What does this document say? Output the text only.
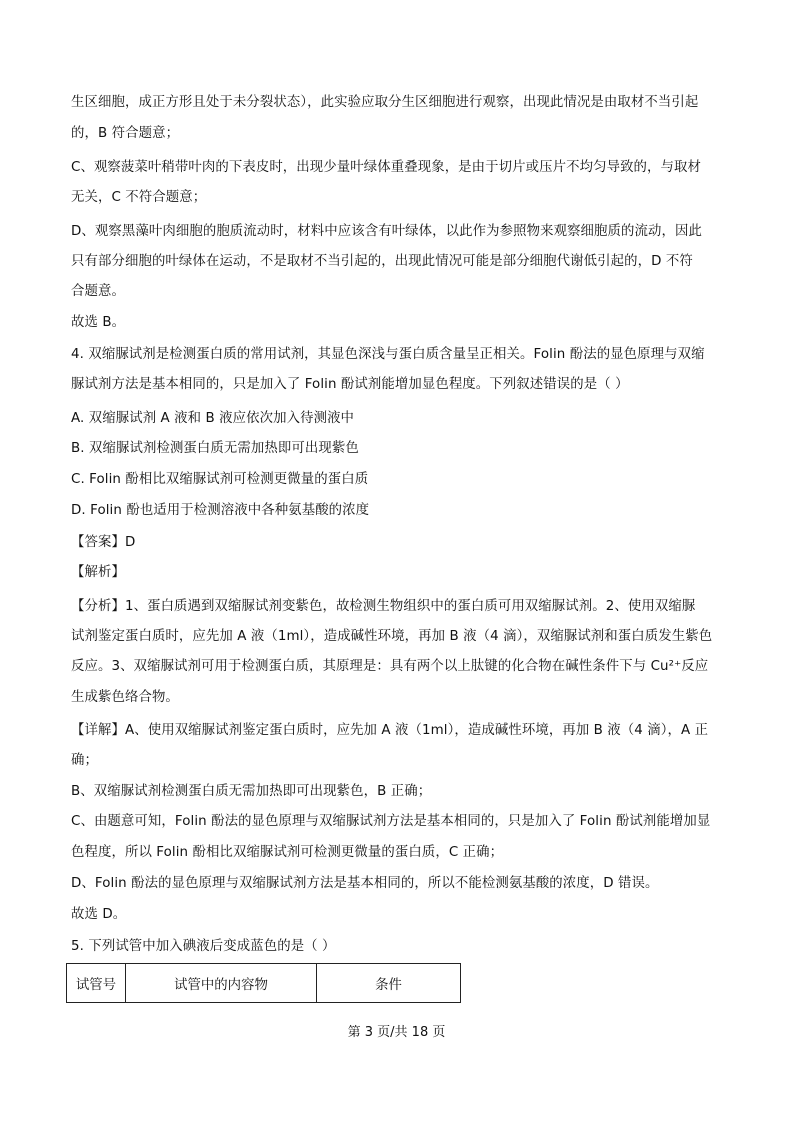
生区细胞，成正方形且处于未分裂状态），此实验应取分生区细胞进行观察，出现此情况是由取材不当引起
的，B 符合题意；
C、观察菠菜叶稍带叶肉的下表皮时，出现少量叶绿体重叠现象，是由于切片或压片不均匀导致的，与取材
无关，C 不符合题意；
D、观察黑藻叶肉细胞的胞质流动时，材料中应该含有叶绿体，以此作为参照物来观察细胞质的流动，因此
只有部分细胞的叶绿体在运动，不是取材不当引起的，出现此情况可能是部分细胞代谢低引起的，D 不符
合题意。
故选 B。
4. 双缩脲试剂是检测蛋白质的常用试剂，其显色深浅与蛋白质含量呈正相关。Folin 酚法的显色原理与双缩
脲试剂方法是基本相同的，只是加入了 Folin 酚试剂能增加显色程度。下列叙述错误的是（ ）
A. 双缩脲试剂 A 液和 B 液应依次加入待测液中
B. 双缩脲试剂检测蛋白质无需加热即可出现紫色
C. Folin 酚相比双缩脲试剂可检测更微量的蛋白质
D. Folin 酚也适用于检测溶液中各种氨基酸的浓度
【答案】D
【解析】
【分析】1、蛋白质遇到双缩脲试剂变紫色，故检测生物组织中的蛋白质可用双缩脲试剂。2、使用双缩脲
试剂鉴定蛋白质时，应先加 A 液（1ml），造成碱性环境，再加 B 液（4 滴），双缩脲试剂和蛋白质发生紫色
反应。3、双缩脲试剂可用于检测蛋白质，其原理是：具有两个以上肽键的化合物在碱性条件下与 Cu²⁺反应
生成紫色络合物。
【详解】A、使用双缩脲试剂鉴定蛋白质时，应先加 A 液（1ml），造成碱性环境，再加 B 液（4 滴），A 正
确；
B、双缩脲试剂检测蛋白质无需加热即可出现紫色，B 正确；
C、由题意可知，Folin 酚法的显色原理与双缩脲试剂方法是基本相同的，只是加入了 Folin 酚试剂能增加显
色程度，所以 Folin 酚相比双缩脲试剂可检测更微量的蛋白质，C 正确；
D、Folin 酚法的显色原理与双缩脲试剂方法是基本相同的，所以不能检测氨基酸的浓度，D 错误。
故选 D。
5. 下列试管中加入碘液后变成蓝色的是（ ）
试管号	试管中的内容物	条件
第 3 页/共 18 页
